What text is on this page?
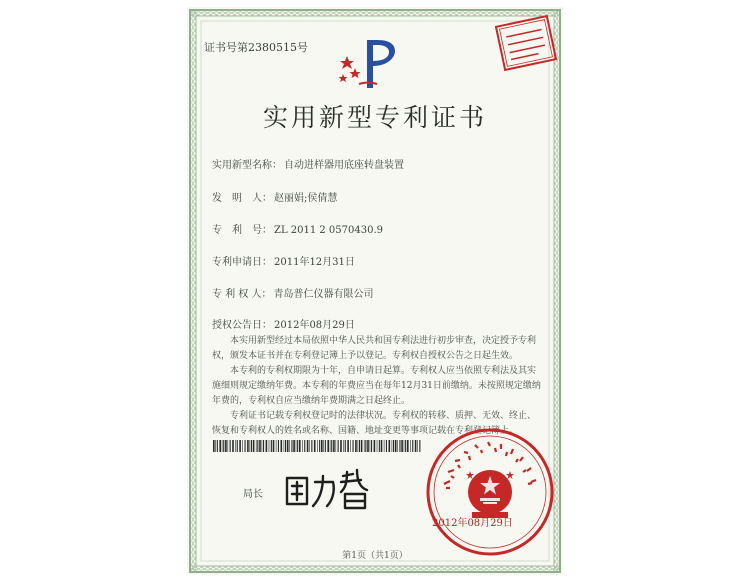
证书号第2380515号
实用新型专利证书
实用新型名称： 自动进样器用底座转盘装置
发　明　人： 赵丽娟;侯倩慧
专　利　号： ZL 2011 2 0570430.9
专利申请日： 2011年12月31日
专 利 权 人： 青岛普仁仪器有限公司
授权公告日： 2012年08月29日

本实用新型经过本局依照中华人民共和国专利法进行初步审查，决定授予专利权，颁发本证书并在专利登记簿上予以登记。专利权自授权公告之日起生效。

本专利的专利权期限为十年，自申请日起算。专利权人应当依照专利法及其实施细则规定缴纳年费。本专利的年费应当在每年12月31日前缴纳。未按照规定缴纳年费的，专利权自应当缴纳年费期满之日起终止。

专利证书记载专利权登记时的法律状况。专利权的转移、质押、无效、终止、恢复和专利权人的姓名或名称、国籍、地址变更等事项记载在专利登记簿上。

局长
2012年08月29日
第1页（共1页）
